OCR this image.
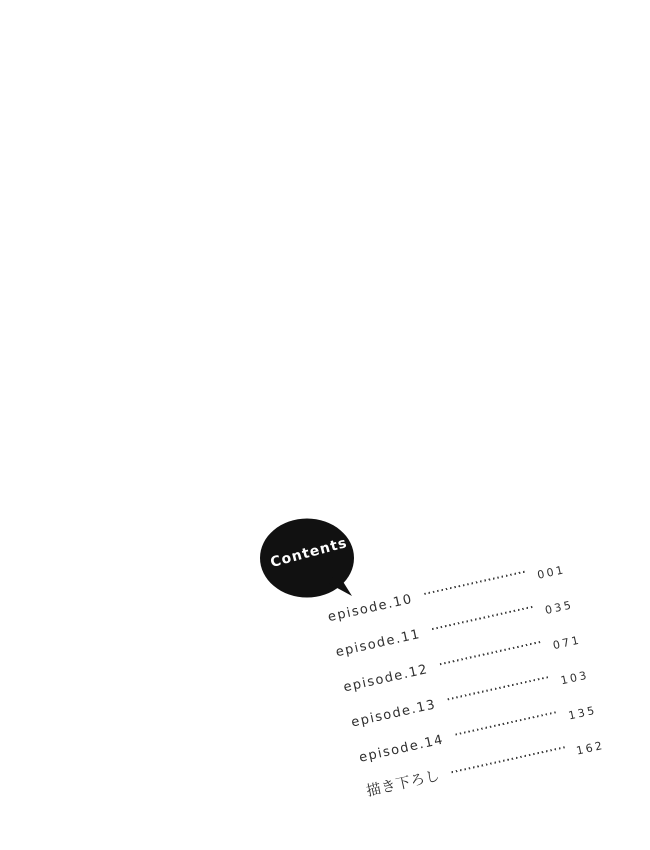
Contents
episode.10
001
episode.11
035
episode.12
071
episode.13
103
episode.14
135
描き下ろし
162
